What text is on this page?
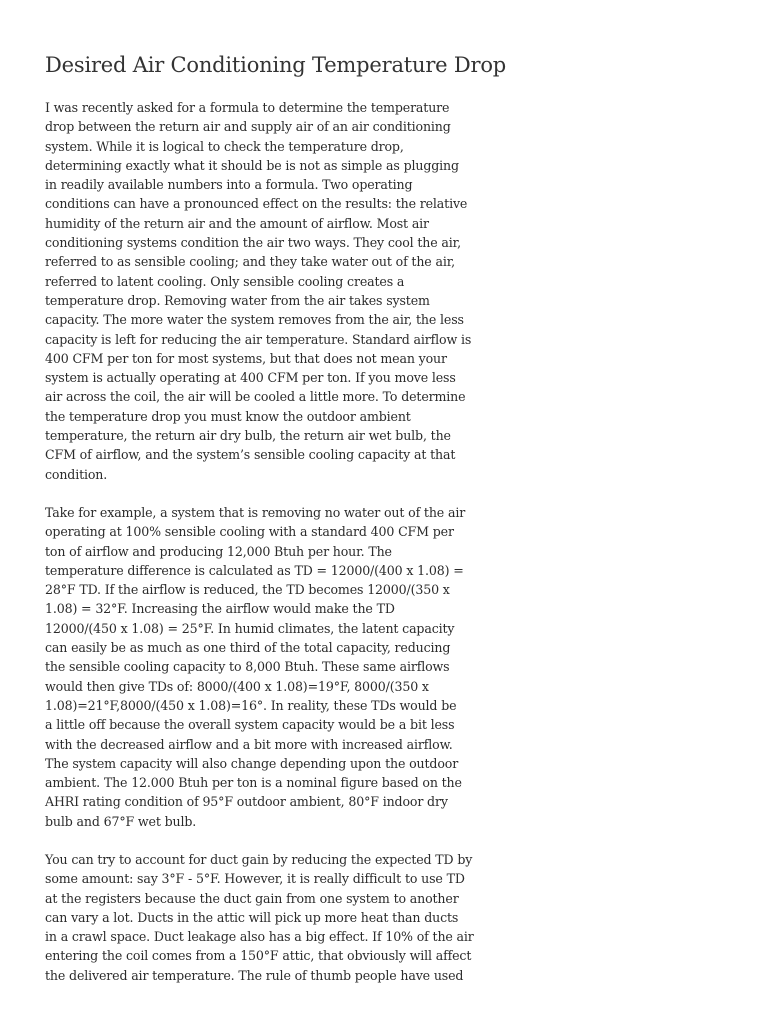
Desired Air Conditioning Temperature Drop

I was recently asked for a formula to determine the temperature
drop between the return air and supply air of an air conditioning
system. While it is logical to check the temperature drop,
determining exactly what it should be is not as simple as plugging
in readily available numbers into a formula. Two operating
conditions can have a pronounced effect on the results: the relative
humidity of the return air and the amount of airflow. Most air
conditioning systems condition the air two ways. They cool the air,
referred to as sensible cooling; and they take water out of the air,
referred to latent cooling. Only sensible cooling creates a
temperature drop. Removing water from the air takes system
capacity. The more water the system removes from the air, the less
capacity is left for reducing the air temperature. Standard airflow is
400 CFM per ton for most systems, but that does not mean your
system is actually operating at 400 CFM per ton. If you move less
air across the coil, the air will be cooled a little more. To determine
the temperature drop you must know the outdoor ambient
temperature, the return air dry bulb, the return air wet bulb, the
CFM of airflow, and the system’s sensible cooling capacity at that
condition.

Take for example, a system that is removing no water out of the air
operating at 100% sensible cooling with a standard 400 CFM per
ton of airflow and producing 12,000 Btuh per hour. The
temperature difference is calculated as TD = 12000/(400 x 1.08) =
28°F TD. If the airflow is reduced, the TD becomes 12000/(350 x
1.08) = 32°F. Increasing the airflow would make the TD
12000/(450 x 1.08) = 25°F. In humid climates, the latent capacity
can easily be as much as one third of the total capacity, reducing
the sensible cooling capacity to 8,000 Btuh. These same airflows
would then give TDs of: 8000/(400 x 1.08)=19°F, 8000/(350 x
1.08)=21°F,8000/(450 x 1.08)=16°. In reality, these TDs would be
a little off because the overall system capacity would be a bit less
with the decreased airflow and a bit more with increased airflow.
The system capacity will also change depending upon the outdoor
ambient. The 12.000 Btuh per ton is a nominal figure based on the
AHRI rating condition of 95°F outdoor ambient, 80°F indoor dry
bulb and 67°F wet bulb.

You can try to account for duct gain by reducing the expected TD by
some amount: say 3°F - 5°F. However, it is really difficult to use TD
at the registers because the duct gain from one system to another
can vary a lot. Ducts in the attic will pick up more heat than ducts
in a crawl space. Duct leakage also has a big effect. If 10% of the air
entering the coil comes from a 150°F attic, that obviously will affect
the delivered air temperature. The rule of thumb people have used
